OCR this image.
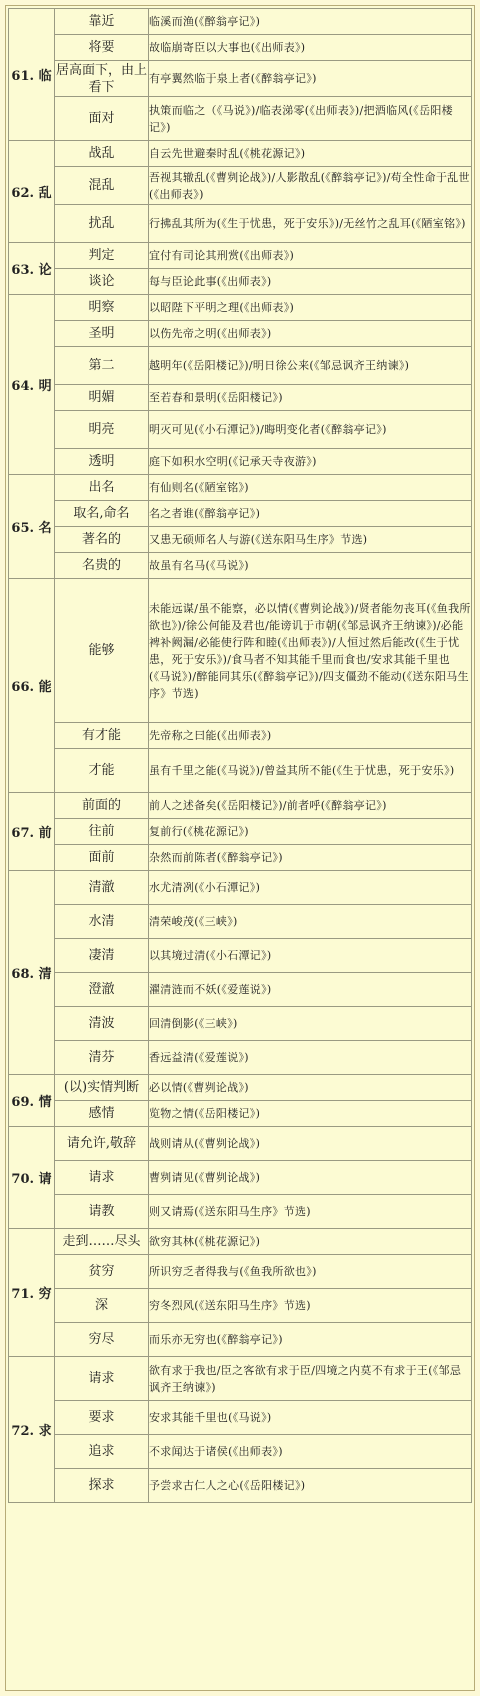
61. 临	靠近	临溪而渔(《醉翁亭记》)
	将要	故临崩寄臣以大事也(《出师表》)
	居高面下，由上看下	有亭翼然临于泉上者(《醉翁亭记》)
	面对	执策而临之（《马说》)/临表涕零(《出师表》)/把酒临风(《岳阳楼记》)
62. 乱	战乱	自云先世避秦时乱(《桃花源记》)
	混乱	吾视其辙乱(《曹刿论战》)/人影散乱(《醉翁亭记》)/苟全性命于乱世(《出师表》)
	扰乱	行拂乱其所为(《生于忧患，死于安乐》)/无丝竹之乱耳(《陋室铭》)
63. 论	判定	宜付有司论其刑赏(《出师表》)
	谈论	每与臣论此事(《出师表》)
64. 明	明察	以昭陛下平明之理(《出师表》)
	圣明	以伤先帝之明(《出师表》)
	第二	越明年(《岳阳楼记》)/明日徐公来(《邹忌讽齐王纳谏》)
	明媚	至若春和景明(《岳阳楼记》)
	明亮	明灭可见(《小石潭记》)/晦明变化者(《醉翁亭记》)
	透明	庭下如积水空明(《记承天寺夜游》)
65. 名	出名	有仙则名(《陋室铭》)
	取名,命名	名之者谁(《醉翁亭记》)
	著名的	又患无硕师名人与游(《送东阳马生序》节选)
	名贵的	故虽有名马(《马说》)
66. 能	能够	未能远谋/虽不能察，必以情(《曹刿论战》)/贤者能勿丧耳(《鱼我所欲也》)/徐公何能及君也/能谤讥于市朝(《邹忌讽齐王纳谏》)/必能裨补阙漏/必能使行阵和睦(《出师表》)/人恒过然后能改(《生于忧患，死于安乐》)/食马者不知其能千里而食也/安求其能千里也(《马说》)/醉能同其乐(《醉翁亭记》)/四支僵劲不能动(《送东阳马生序》节选)
	有才能	先帝称之曰能(《出师表》)
	才能	虽有千里之能(《马说》)/曾益其所不能(《生于忧患，死于安乐》)
67. 前	前面的	前人之述备矣(《岳阳楼记》)/前者呼(《醉翁亭记》)
	往前	复前行(《桃花源记》)
	面前	杂然而前陈者(《醉翁亭记》)
68. 清	清澈	水尤清冽(《小石潭记》)
	水清	清荣峻茂(《三峡》)
	凄清	以其境过清(《小石潭记》)
	澄澈	濯清涟而不妖(《爱莲说》)
	清波	回清倒影(《三峡》)
	清芬	香远益清(《爱莲说》)
69. 情	(以)实情判断	必以情(《曹刿论战》)
	感情	览物之情(《岳阳楼记》)
70. 请	请允许,敬辞	战则请从(《曹刿论战》)
	请求	曹刿请见(《曹刿论战》)
	请教	则又请焉(《送东阳马生序》节选)
71. 穷	走到……尽头	欲穷其林(《桃花源记》)
	贫穷	所识穷乏者得我与(《鱼我所欲也》)
	深	穷冬烈风(《送东阳马生序》节选)
	穷尽	而乐亦无穷也(《醉翁亭记》)
72. 求	请求	欲有求于我也/臣之客欲有求于臣/四境之内莫不有求于王(《邹忌讽齐王纳谏》)
	要求	安求其能千里也(《马说》)
	追求	不求闻达于诸侯(《出师表》)
	探求	予尝求古仁人之心(《岳阳楼记》)
